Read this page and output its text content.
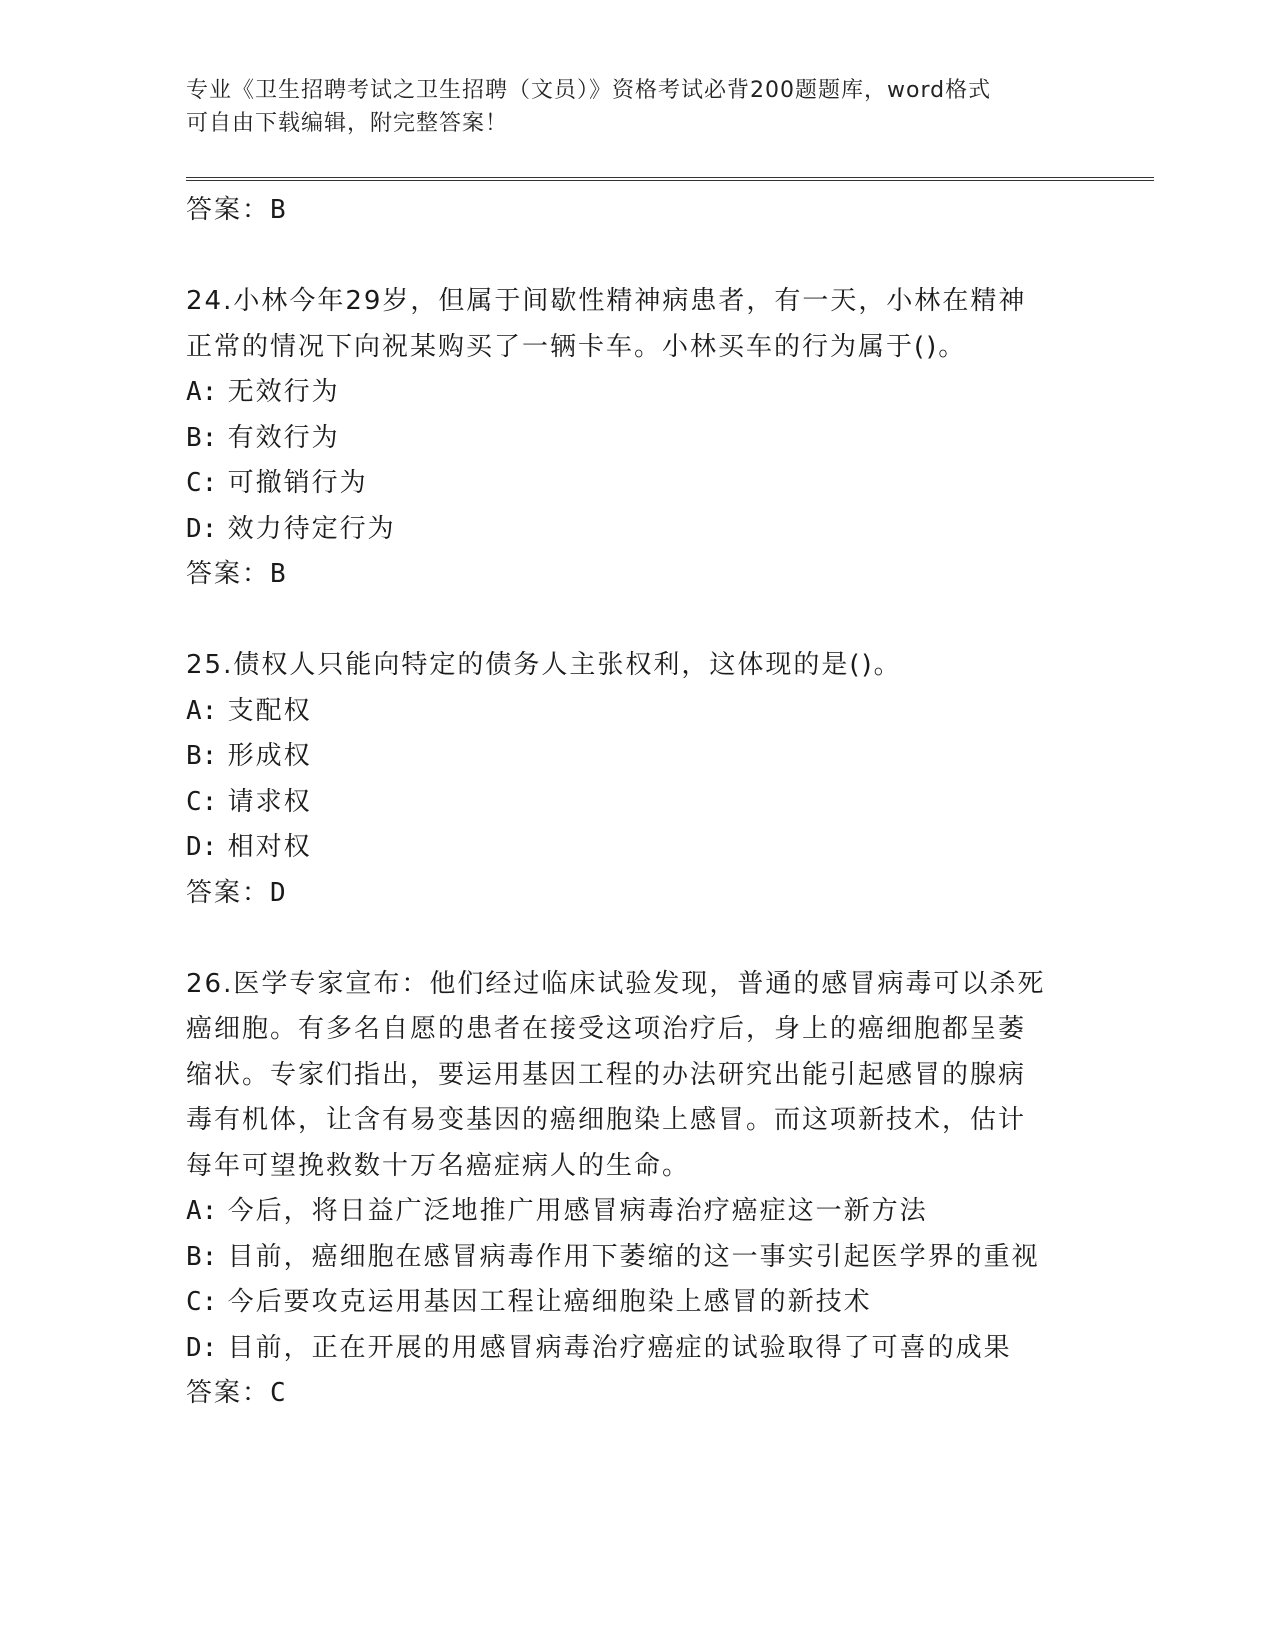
专业《卫生招聘考试之卫生招聘（文员）》资格考试必背200题题库，word格式
可自由下载编辑，附完整答案！
答案：B
24.小林今年29岁，但属于间歇性精神病患者，有一天，小林在精神
正常的情况下向祝某购买了一辆卡车。小林买车的行为属于()。
A: 无效行为
B: 有效行为
C: 可撤销行为
D: 效力待定行为
答案：B
25.债权人只能向特定的债务人主张权利，这体现的是()。
A: 支配权
B: 形成权
C: 请求权
D: 相对权
答案：D
26.医学专家宣布：他们经过临床试验发现，普通的感冒病毒可以杀死
癌细胞。有多名自愿的患者在接受这项治疗后，身上的癌细胞都呈萎
缩状。专家们指出，要运用基因工程的办法研究出能引起感冒的腺病
毒有机体，让含有易变基因的癌细胞染上感冒。而这项新技术，估计
每年可望挽救数十万名癌症病人的生命。
A: 今后，将日益广泛地推广用感冒病毒治疗癌症这一新方法
B: 目前，癌细胞在感冒病毒作用下萎缩的这一事实引起医学界的重视
C: 今后要攻克运用基因工程让癌细胞染上感冒的新技术
D: 目前，正在开展的用感冒病毒治疗癌症的试验取得了可喜的成果
答案：C
